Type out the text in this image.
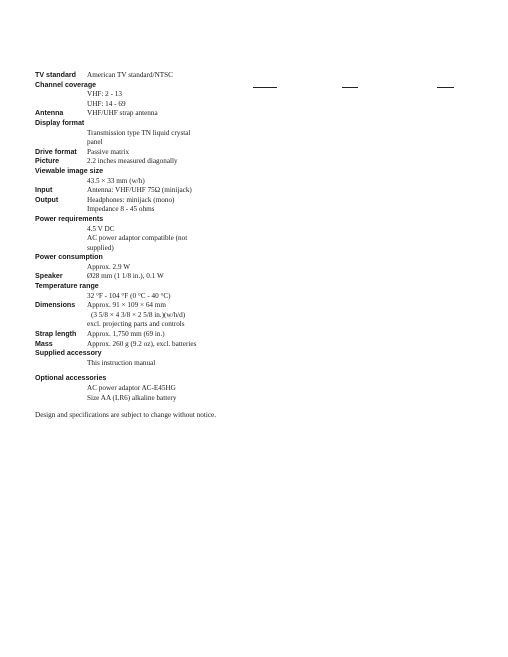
TV standard	American TV standard/NTSC
Channel coverage
VHF: 2 - 13
UHF: 14 - 69
Antenna	VHF/UHF strap antenna
Display format
Transmission type TN liquid crystal
panel
Drive format	Passive matrix
Picture	2.2 inches measured diagonally
Viewable image size
43.5 × 33 mm (w/h)
Input	Antenna: VHF/UHF 75Ω (minijack)
Output	Headphones: minijack (mono)
Impedance 8 - 45 ohms
Power requirements
4.5 V DC
AC power adaptor compatible (not
supplied)
Power consumption
Approx. 2.9 W
Speaker	Ø28 mm (1 1/8 in.), 0.1 W
Temperature range
32 °F - 104 °F (0 °C - 40 °C)
Dimensions	Approx. 91 × 109 × 64 mm
(3 5/8 × 4 3/8 × 2 5/8 in.)(w/h/d)
excl. projecting parts and controls
Strap length	Approx. 1,750 mm (69 in.)
Mass	Approx. 260 g (9.2 oz), excl. batteries
Supplied accessory
This instruction manual
Optional accessories
AC power adaptor AC-E45HG
Size AA (LR6) alkaline battery
Design and specifications are subject to change without notice.
